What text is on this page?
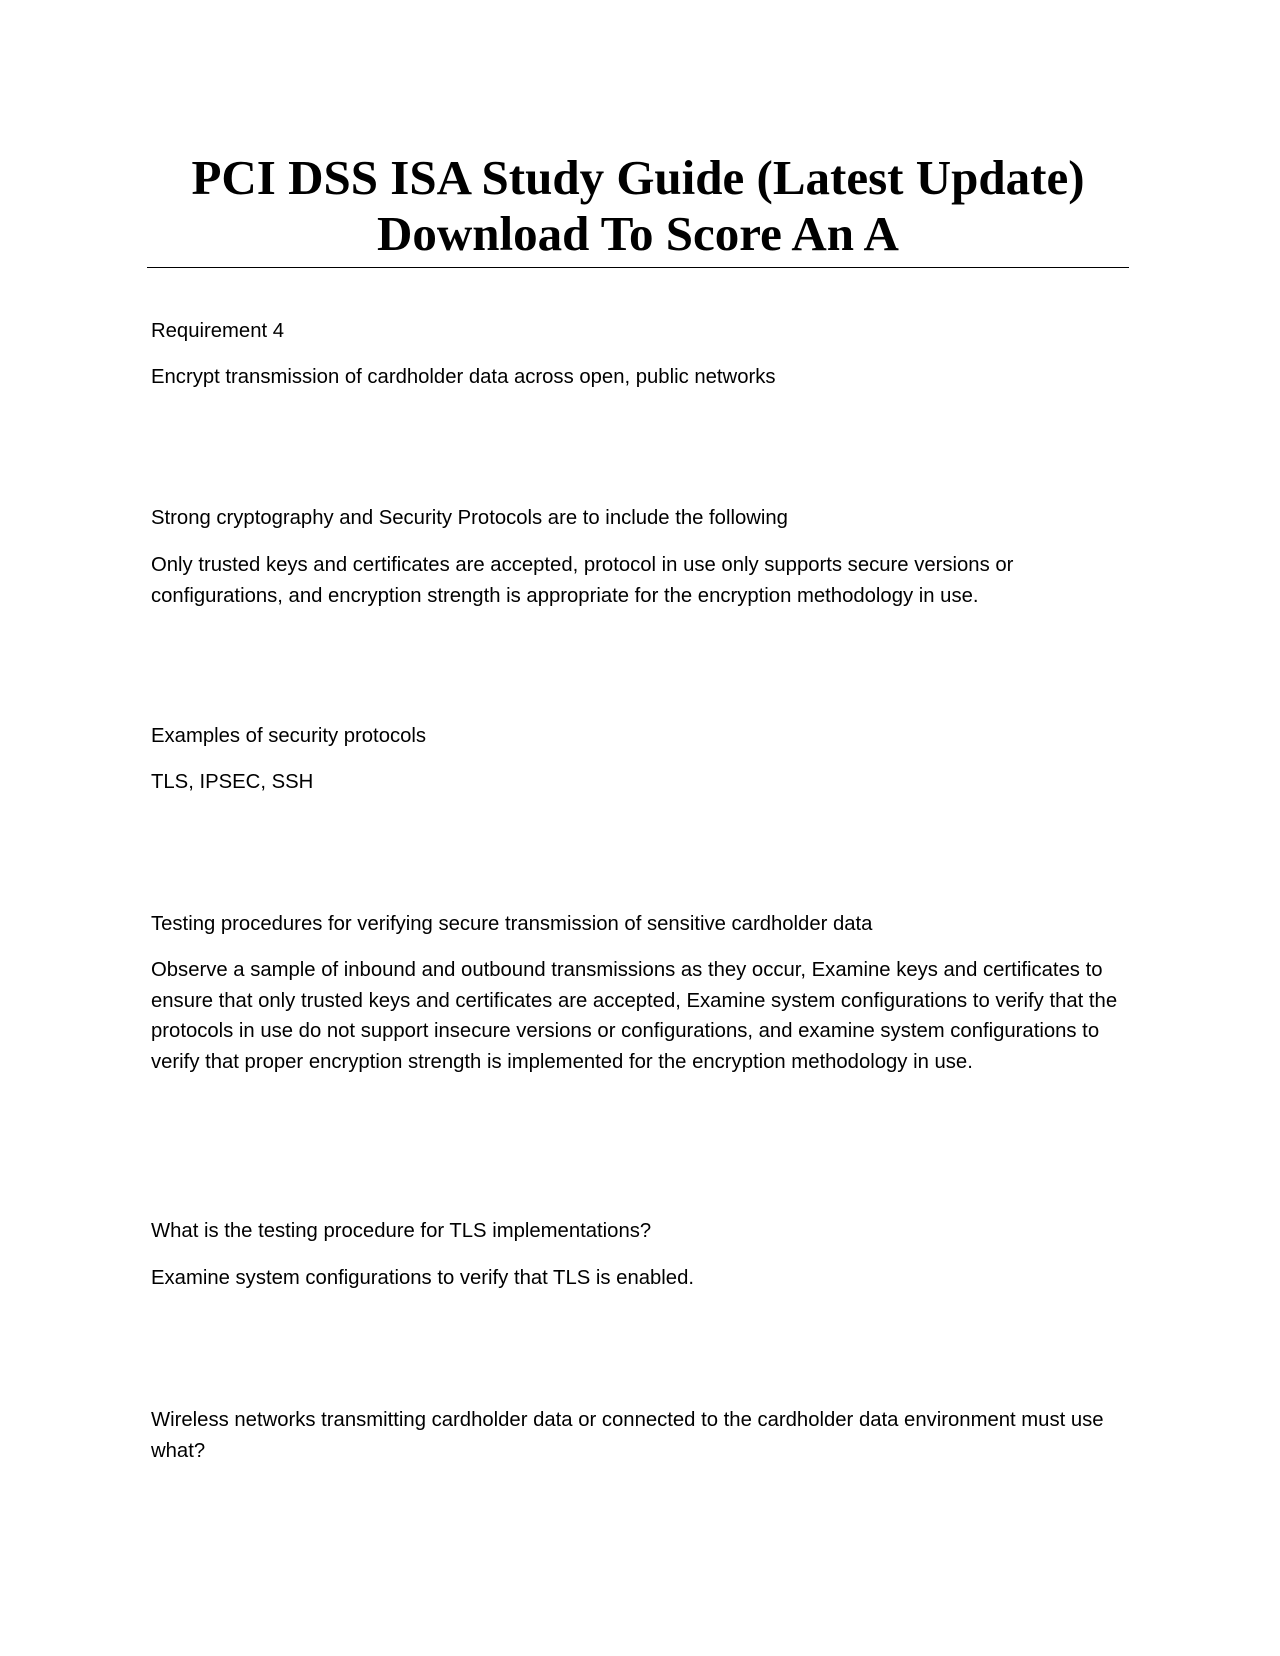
PCI DSS ISA Study Guide (Latest Update)
Download To Score An A
Requirement 4
Encrypt transmission of cardholder data across open, public networks
Strong cryptography and Security Protocols are to include the following
Only trusted keys and certificates are accepted, protocol in use only supports secure versions or configurations, and encryption strength is appropriate for the encryption methodology in use.
Examples of security protocols
TLS, IPSEC, SSH
Testing procedures for verifying secure transmission of sensitive cardholder data
Observe a sample of inbound and outbound transmissions as they occur, Examine keys and certificates to ensure that only trusted keys and certificates are accepted, Examine system configurations to verify that the protocols in use do not support insecure versions or configurations, and examine system configurations to verify that proper encryption strength is implemented for the encryption methodology in use.
What is the testing procedure for TLS implementations?
Examine system configurations to verify that TLS is enabled.
Wireless networks transmitting cardholder data or connected to the cardholder data environment must use what?
